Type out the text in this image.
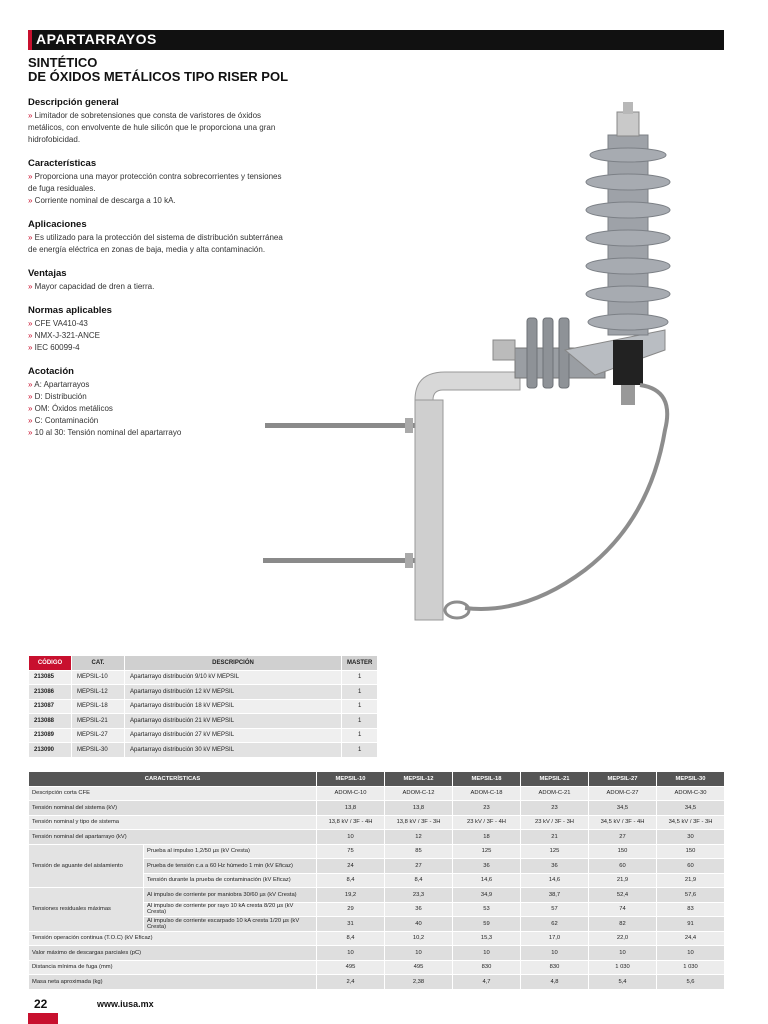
APARTARRAYOS
SINTÉTICO
DE ÓXIDOS METÁLICOS TIPO RISER POL
Descripción general
» Limitador de sobretensiones que consta de varistores de óxidos metálicos, con envolvente de hule silicón que le proporciona una gran hidrofobicidad.
Características
» Proporciona una mayor protección contra sobrecorrientes y tensiones de fuga residuales.
» Corriente nominal de descarga a 10 kA.
Aplicaciones
» Es utilizado para la protección del sistema de distribución subterránea de energía eléctrica en zonas de baja, media y alta contaminación.
Ventajas
» Mayor capacidad de dren a tierra.
Normas aplicables
» CFE VA410-43
» NMX-J-321-ANCE
» IEC 60099-4
Acotación
» A: Apartarrayos
» D: Distribución
» OM: Óxidos metálicos
» C: Contaminación
» 10 al 30: Tensión nominal del apartarrayo
CÓDIGO	CAT.	DESCRIPCIÓN	MASTER
213085	MEPSIL-10	Apartarrayo distribución 9/10 kV MEPSIL	1
213086	MEPSIL-12	Apartarrayo distribución 12 kV MEPSIL	1
213087	MEPSIL-18	Apartarrayo distribución 18 kV MEPSIL	1
213088	MEPSIL-21	Apartarrayo distribución 21 kV MEPSIL	1
213089	MEPSIL-27	Apartarrayo distribución 27 kV MEPSIL	1
213090	MEPSIL-30	Apartarrayo distribución 30 kV MEPSIL	1
CARACTERÍSTICAS		MEPSIL-10	MEPSIL-12	MEPSIL-18	MEPSIL-21	MEPSIL-27	MEPSIL-30
Descripción corta CFE		ADOM-C-10	ADOM-C-12	ADOM-C-18	ADOM-C-21	ADOM-C-27	ADOM-C-30
Tensión nominal del sistema (kV)		13,8	13,8	23	23	34,5	34,5
Tensión nominal y tipo de sistema		13,8 kV / 3F - 4H	13,8 kV / 3F - 3H	23 kV / 3F - 4H	23 kV / 3F - 3H	34,5 kV / 3F - 4H	34,5 kV / 3F - 3H
Tensión nominal del apartarrayo (kV)		10	12	18	21	27	30
Tensión de aguante del aislamiento	Prueba al impulso 1,2/50 µs (kV Cresta)	75	85	125	125	150	150
	Prueba de tensión c.a a 60 Hz húmedo 1 min (kV Eficaz)	24	27	36	36	60	60
	Tensión durante la prueba de contaminación (kV Eficaz)	8,4	8,4	14,6	14,6	21,9	21,9
Tensiones residuales máximas	Al impulso de corriente por maniobra 30/60 µs (kV Cresta)	19,2	23,3	34,9	38,7	52,4	57,6
	Al impulso de corriente por rayo 10 kA cresta 8/20 µs (kV Cresta)	29	36	53	57	74	83
	Al impulso de corriente escarpado 10 kA cresta 1/20 µs (kV Cresta)	31	40	59	62	82	91
Tensión operación continua (T.O.C) (kV Eficaz)		8,4	10,2	15,3	17,0	22,0	24,4
Valor máximo de descargas parciales (pC)		10	10	10	10	10	10
Distancia mínima de fuga (mm)		495	495	830	830	1 030	1 030
Masa neta aproximada (kg)		2,4	2,38	4,7	4,8	5,4	5,6
22	www.iusa.mx
